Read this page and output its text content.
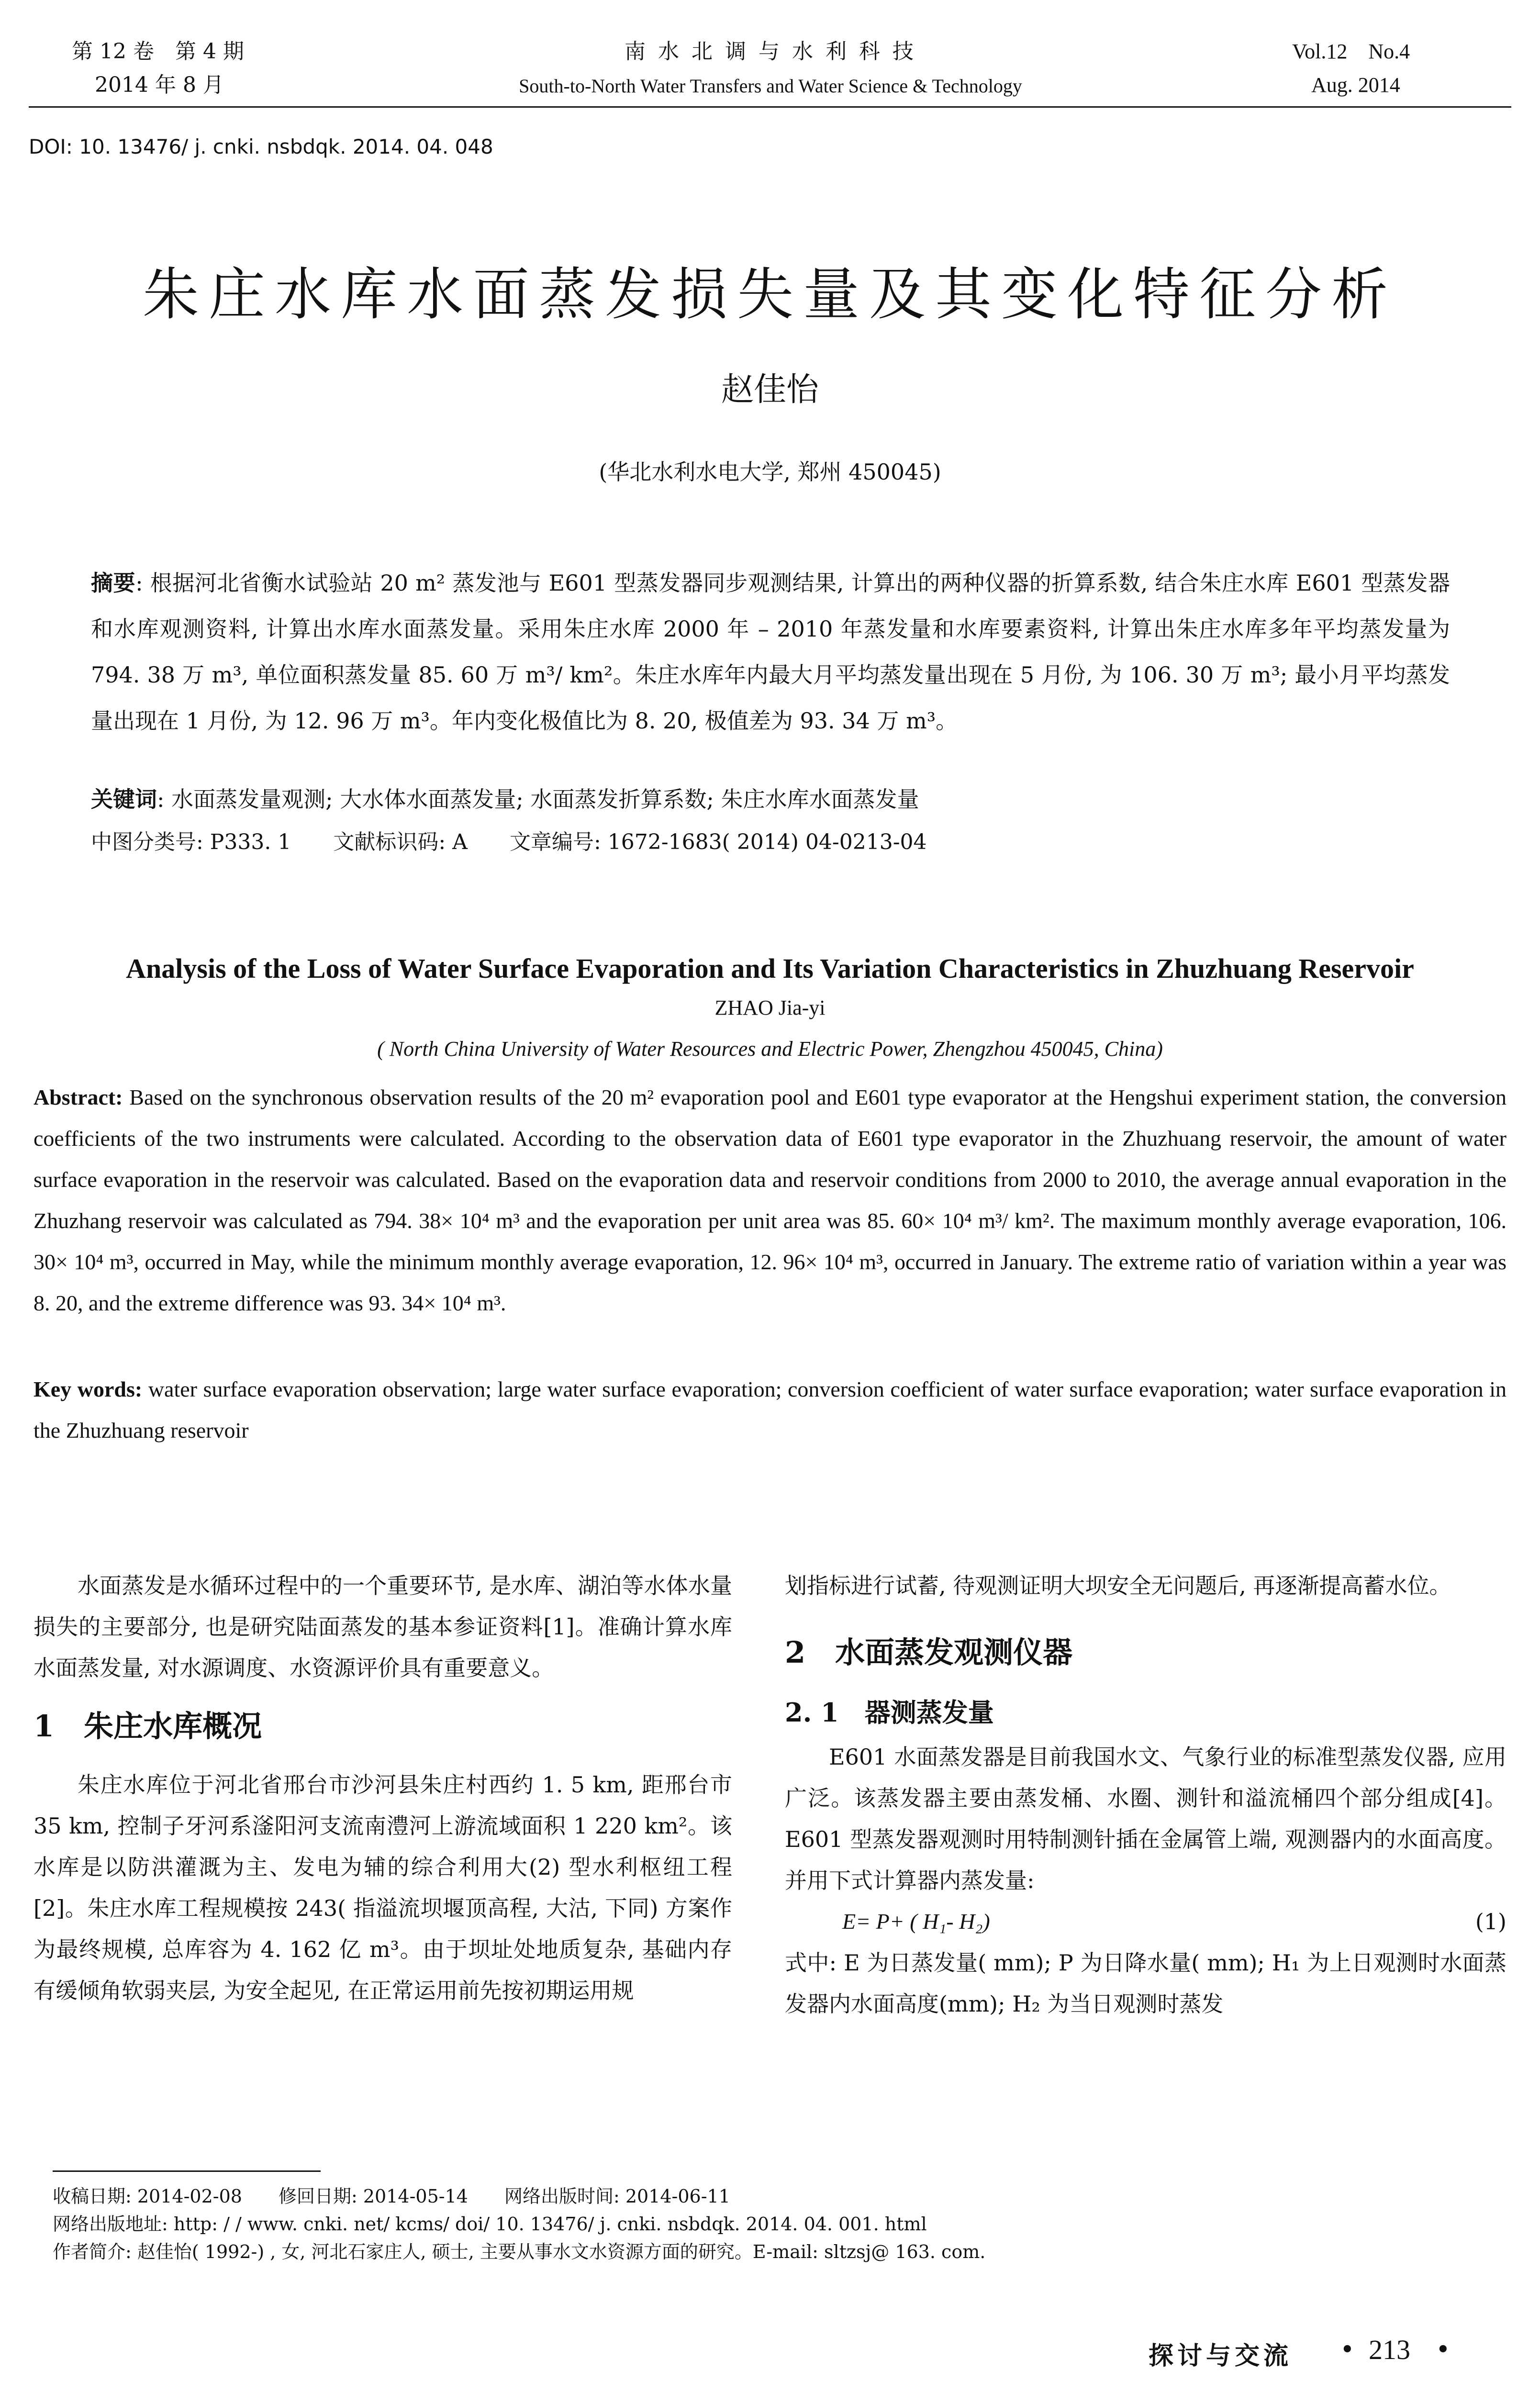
第 12 卷　第 4 期
2014 年 8 月
南 水 北 调 与 水 利 科 技
South-to-North Water Transfers and Water Science & Technology
Vol.12　No.4
Aug. 2014
DOI: 10. 13476/ j. cnki. nsbdqk. 2014. 04. 048
朱庄水库水面蒸发损失量及其变化特征分析
赵佳怡
(华北水利水电大学, 郑州 450045)
摘要: 根据河北省衡水试验站 20 m² 蒸发池与 E601 型蒸发器同步观测结果, 计算出的两种仪器的折算系数, 结合朱庄水库 E601 型蒸发器和水库观测资料, 计算出水库水面蒸发量。采用朱庄水库 2000 年 – 2010 年蒸发量和水库要素资料, 计算出朱庄水库多年平均蒸发量为 794. 38 万 m³, 单位面积蒸发量 85. 60 万 m³/ km²。朱庄水库年内最大月平均蒸发量出现在 5 月份, 为 106. 30 万 m³; 最小月平均蒸发量出现在 1 月份, 为 12. 96 万 m³。年内变化极值比为 8. 20, 极值差为 93. 34 万 m³。
关键词: 水面蒸发量观测; 大水体水面蒸发量; 水面蒸发折算系数; 朱庄水库水面蒸发量
中图分类号: P333. 1　　文献标识码: A　　文章编号: 1672-1683( 2014) 04-0213-04
Analysis of the Loss of Water Surface Evaporation and Its Variation Characteristics in Zhuzhuang Reservoir
ZHAO Jia-yi
( North China University of Water Resources and Electric Power, Zhengzhou 450045, China)
Abstract: Based on the synchronous observation results of the 20 m² evaporation pool and E601 type evaporator at the Hengshui experiment station, the conversion coefficients of the two instruments were calculated. According to the observation data of E601 type evaporator in the Zhuzhuang reservoir, the amount of water surface evaporation in the reservoir was calculated. Based on the evaporation data and reservoir conditions from 2000 to 2010, the average annual evaporation in the Zhuzhang reservoir was calculated as 794. 38× 10⁴ m³ and the evaporation per unit area was 85. 60× 10⁴ m³/ km². The maximum monthly average evaporation, 106. 30× 10⁴ m³, occurred in May, while the minimum monthly average evaporation, 12. 96× 10⁴ m³, occurred in January. The extreme ratio of variation within a year was 8. 20, and the extreme difference was 93. 34× 10⁴ m³.
Key words: water surface evaporation observation; large water surface evaporation; conversion coefficient of water surface evaporation; water surface evaporation in the Zhuzhuang reservoir

水面蒸发是水循环过程中的一个重要环节, 是水库、湖泊等水体水量损失的主要部分, 也是研究陆面蒸发的基本参证资料[1]。准确计算水库水面蒸发量, 对水源调度、水资源评价具有重要意义。

1　朱庄水库概况

朱庄水库位于河北省邢台市沙河县朱庄村西约 1. 5 km, 距邢台市 35 km, 控制子牙河系滏阳河支流南澧河上游流域面积 1 220 km²。该水库是以防洪灌溉为主、发电为辅的综合利用大(2) 型水利枢纽工程[2]。朱庄水库工程规模按 243( 指溢流坝堰顶高程, 大沽, 下同) 方案作为最终规模, 总库容为 4. 162 亿 m³。由于坝址处地质复杂, 基础内存有缓倾角软弱夹层, 为安全起见, 在正常运用前先按初期运用规

划指标进行试蓄, 待观测证明大坝安全无问题后, 再逐渐提高蓄水位。

2　水面蒸发观测仪器
2. 1　器测蒸发量

E601 水面蒸发器是目前我国水文、气象行业的标准型蒸发仪器, 应用广泛。该蒸发器主要由蒸发桶、水圈、测针和溢流桶四个部分组成[4]。E601 型蒸发器观测时用特制测针插在金属管上端, 观测器内的水面高度。并用下式计算器内蒸发量:

E= P+ ( H₁- H₂)	(1)

式中: E 为日蒸发量( mm); P 为日降水量( mm); H₁ 为上日观测时水面蒸发器内水面高度(mm); H₂ 为当日观测时蒸发

收稿日期: 2014-02-08　　修回日期: 2014-05-14　　网络出版时间: 2014-06-11
网络出版地址: http: / / www. cnki. net/ kcms/ doi/ 10. 13476/ j. cnki. nsbdqk. 2014. 04. 001. html
作者简介: 赵佳怡( 1992-) , 女, 河北石家庄人, 硕士, 主要从事水文水资源方面的研究。E-mail: sltzsj@ 163. com.
探讨与交流 • 213 •
